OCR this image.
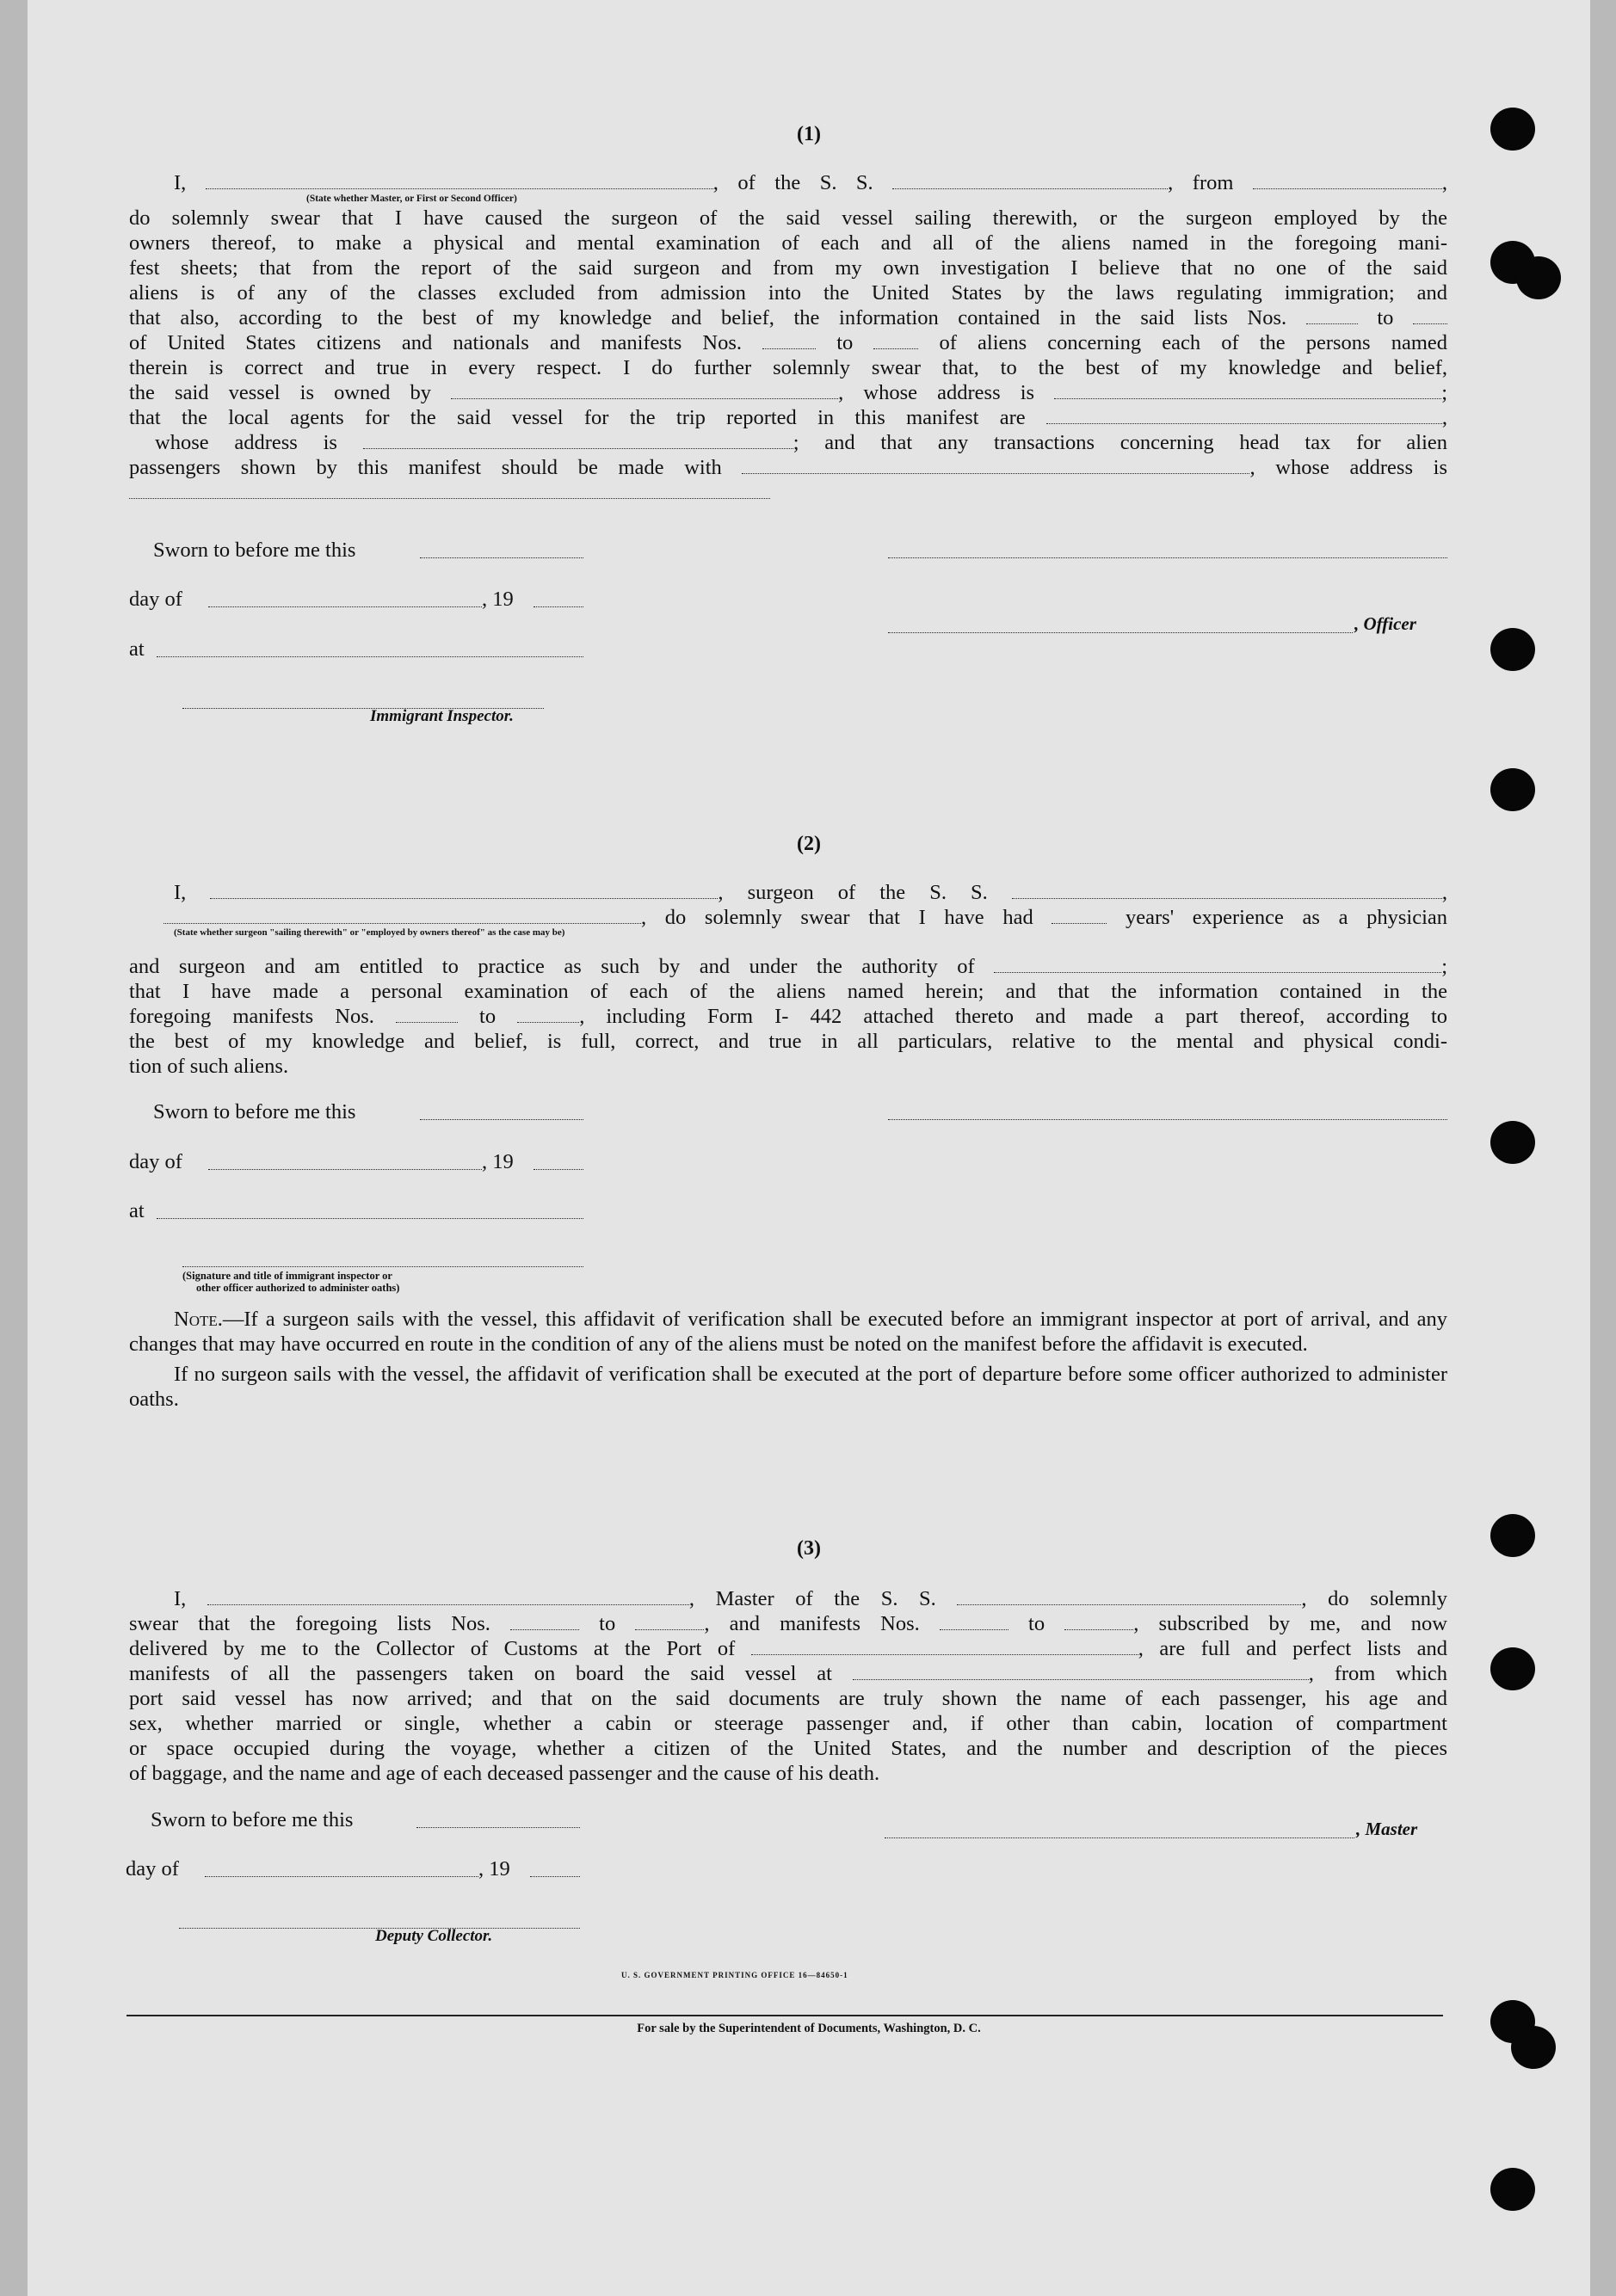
(1)
I,	, of the S. S.	, from	,
do solemnly swear that I have caused the surgeon of the said vessel sailing therewith, or the surgeon employed by the
owners thereof, to make a physical and mental examination of each and all of the aliens named in the foregoing mani-
fest sheets; that from the report of the said surgeon and from my own investigation I believe that no one of the said
aliens is of any of the classes excluded from admission into the United States by the laws regulating immigration; and
that also, according to the best of my knowledge and belief, the information contained in the said lists Nos.	to
of United States citizens and nationals and manifests Nos.	to	of aliens concerning each of the persons named
therein is correct and true in every respect. I do further solemnly swear that, to the best of my knowledge and belief,
the said vessel is owned by	, whose address is	;
that the local agents for the said vessel for the trip reported in this manifest are	,
whose address is	; and that any transactions concerning head tax for alien
passengers shown by this manifest should be made with	, whose address is
(State whether Master, or First or Second Officer)
Sworn to before me this
day of	, 19
, Officer
at
Immigrant Inspector.
(2)
I,	, surgeon of the S. S.	,
, do solemnly swear that I have had	years' experience as a physician
and surgeon and am entitled to practice as such by and under the authority of	;
that I have made a personal examination of each of the aliens named herein; and that the information contained in the
foregoing manifests Nos.	to	, including Form I- 442 attached thereto and made a part thereof, according to
the best of my knowledge and belief, is full, correct, and true in all particulars, relative to the mental and physical condi-
tion of such aliens.
(State whether surgeon "sailing therewith" or "employed by owners thereof" as the case may be)
Sworn to before me this
day of	, 19
at
(Signature and title of immigrant inspector or
other officer authorized to administer oaths)
Note.—If a surgeon sails with the vessel, this affidavit of verification shall be executed before an immigrant inspector at port of arrival, and any changes that may have occurred en route in the condition of any of the aliens must be noted on the manifest before the affidavit is executed.
If no surgeon sails with the vessel, the affidavit of verification shall be executed at the port of departure before some officer authorized to administer oaths.
(3)
I,	, Master of the S. S.	, do solemnly
swear that the foregoing lists Nos.	to	, and manifests Nos.	to	, subscribed by me, and now
delivered by me to the Collector of Customs at the Port of	, are full and perfect lists and
manifests of all the passengers taken on board the said vessel at	, from which
port said vessel has now arrived; and that on the said documents are truly shown the name of each passenger, his age and
sex, whether married or single, whether a cabin or steerage passenger and, if other than cabin, location of compartment
or space occupied during the voyage, whether a citizen of the United States, and the number and description of the pieces
of baggage, and the name and age of each deceased passenger and the cause of his death.
Sworn to before me this	, Master
day of	, 19
Deputy Collector.
U. S. GOVERNMENT PRINTING OFFICE 16—84650-1
For sale by the Superintendent of Documents, Washington, D. C.
